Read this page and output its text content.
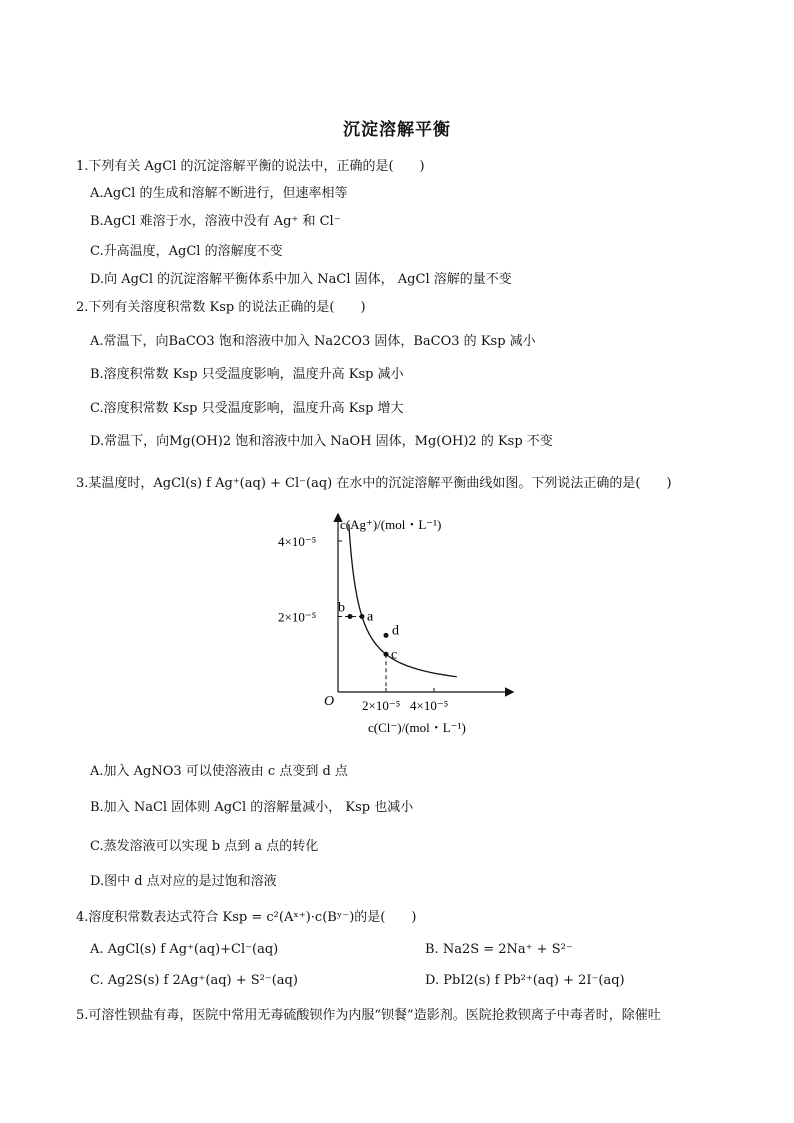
沉淀溶解平衡
1.下列有关 AgCl 的沉淀溶解平衡的说法中，正确的是(　　)
A.AgCl 的生成和溶解不断进行，但速率相等
B.AgCl 难溶于水，溶液中没有 Ag⁺ 和 Cl⁻
C.升高温度，AgCl 的溶解度不变
D.向 AgCl 的沉淀溶解平衡体系中加入 NaCl 固体， AgCl 溶解的量不变
2.下列有关溶度积常数 Ksp 的说法正确的是(　　)
A.常温下，向BaCO3 饱和溶液中加入 Na2CO3 固体，BaCO3 的 Ksp 减小
B.溶度积常数 Ksp 只受温度影响，温度升高 Ksp 减小
C.溶度积常数 Ksp 只受温度影响，温度升高 Ksp 增大
D.常温下，向Mg(OH)2 饱和溶液中加入 NaOH 固体，Mg(OH)2 的 Ksp 不变
3.某温度时，AgCl(s) f Ag⁺(aq) + Cl⁻(aq) 在水中的沉淀溶解平衡曲线如图。下列说法正确的是(　　)
c(Ag⁺)/(mol・L⁻¹)
c(Cl⁻)/(mol・L⁻¹)
O 2×10⁻⁵ 4×10⁻⁵
2×10⁻⁵
4×10⁻⁵
b
a
d
c
A.加入 AgNO3 可以使溶液由 c 点变到 d 点
B.加入 NaCl 固体则 AgCl 的溶解量减小， Ksp 也减小
C.蒸发溶液可以实现 b 点到 a 点的转化
D.图中 d 点对应的是过饱和溶液
4.溶度积常数表达式符合 Ksp = c²(Aˣ⁺)·c(Bʸ⁻)的是(　　)
A. AgCl(s) f Ag⁺(aq)+Cl⁻(aq)	B. Na2S = 2Na⁺ + S²⁻
C. Ag2S(s) f 2Ag⁺(aq) + S²⁻(aq)	D. PbI2(s) f Pb²⁺(aq) + 2I⁻(aq)
5.可溶性钡盐有毒，医院中常用无毒硫酸钡作为内服“钡餐”造影剂。医院抢救钡离子中毒者时，除催吐
